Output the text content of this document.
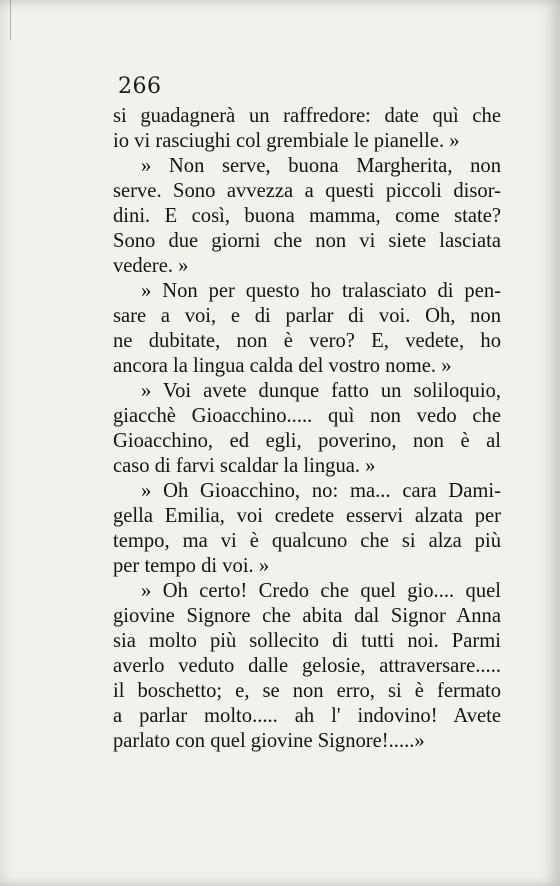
266
si guadagnerà un raffredore: date quì che
io vi rasciughi col grembiale le pianelle. »
» Non serve, buona Margherita, non
serve. Sono avvezza a questi piccoli disor-
dini. E così, buona mamma, come state?
Sono due giorni che non vi siete lasciata
vedere. »
» Non per questo ho tralasciato di pen-
sare a voi, e di parlar di voi. Oh, non
ne dubitate, non è vero? E, vedete, ho
ancora la lingua calda del vostro nome. »
» Voi avete dunque fatto un soliloquio,
giacchè Gioacchino..... quì non vedo che
Gioacchino, ed egli, poverino, non è al
caso di farvi scaldar la lingua. »
» Oh Gioacchino, no: ma... cara Dami-
gella Emilia, voi credete esservi alzata per
tempo, ma vi è qualcuno che si alza più
per tempo di voi. »
» Oh certo! Credo che quel gio.... quel
giovine Signore che abita dal Signor Anna
sia molto più sollecito di tutti noi. Parmi
averlo veduto dalle gelosie, attraversare.....
il boschetto; e, se non erro, si è fermato
a parlar molto..... ah l' indovino! Avete
parlato con quel giovine Signore!.....»
